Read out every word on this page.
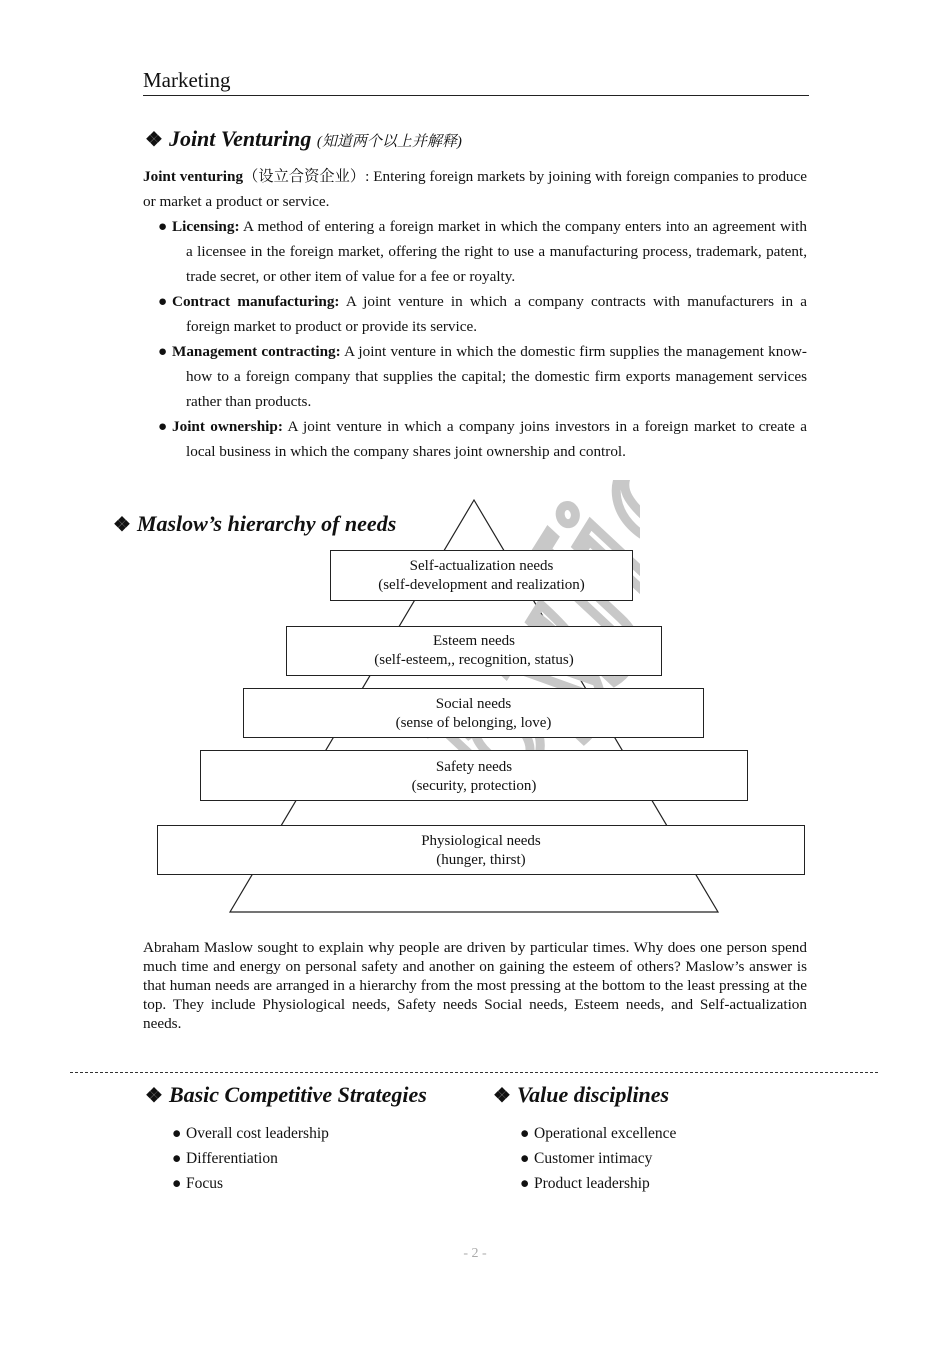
Marketing
❖ Joint Venturing (知道两个以上并解释)
Joint venturing（设立合资企业）: Entering foreign markets by joining with foreign companies to produce or market a product or service.
● Licensing: A method of entering a foreign market in which the company enters into an agreement with a licensee in the foreign market, offering the right to use a manufacturing process, trademark, patent, trade secret, or other item of value for a fee or royalty.
● Contract manufacturing: A joint venture in which a company contracts with manufacturers in a foreign market to product or provide its service.
● Management contracting: A joint venture in which the domestic firm supplies the management know-how to a foreign company that supplies the capital; the domestic firm exports management services rather than products.
● Joint ownership: A joint venture in which a company joins investors in a foreign market to create a local business in which the company shares joint ownership and control.
❖ Maslow’s hierarchy of needs
Self-actualization needs
(self-development and realization)
Esteem needs
(self-esteem,, recognition, status)
Social needs
(sense of belonging, love)
Safety needs
(security, protection)
Physiological needs
(hunger, thirst)
Abraham Maslow sought to explain why people are driven by particular times. Why does one person spend much time and energy on personal safety and another on gaining the esteem of others? Maslow’s answer is that human needs are arranged in a hierarchy from the most pressing at the bottom to the least pressing at the top. They include Physiological needs, Safety needs Social needs, Esteem needs, and Self-actualization needs.
❖ Basic Competitive Strategies
● Overall cost leadership
● Differentiation
● Focus
❖ Value disciplines
● Operational excellence
● Customer intimacy
● Product leadership
- 2 -
